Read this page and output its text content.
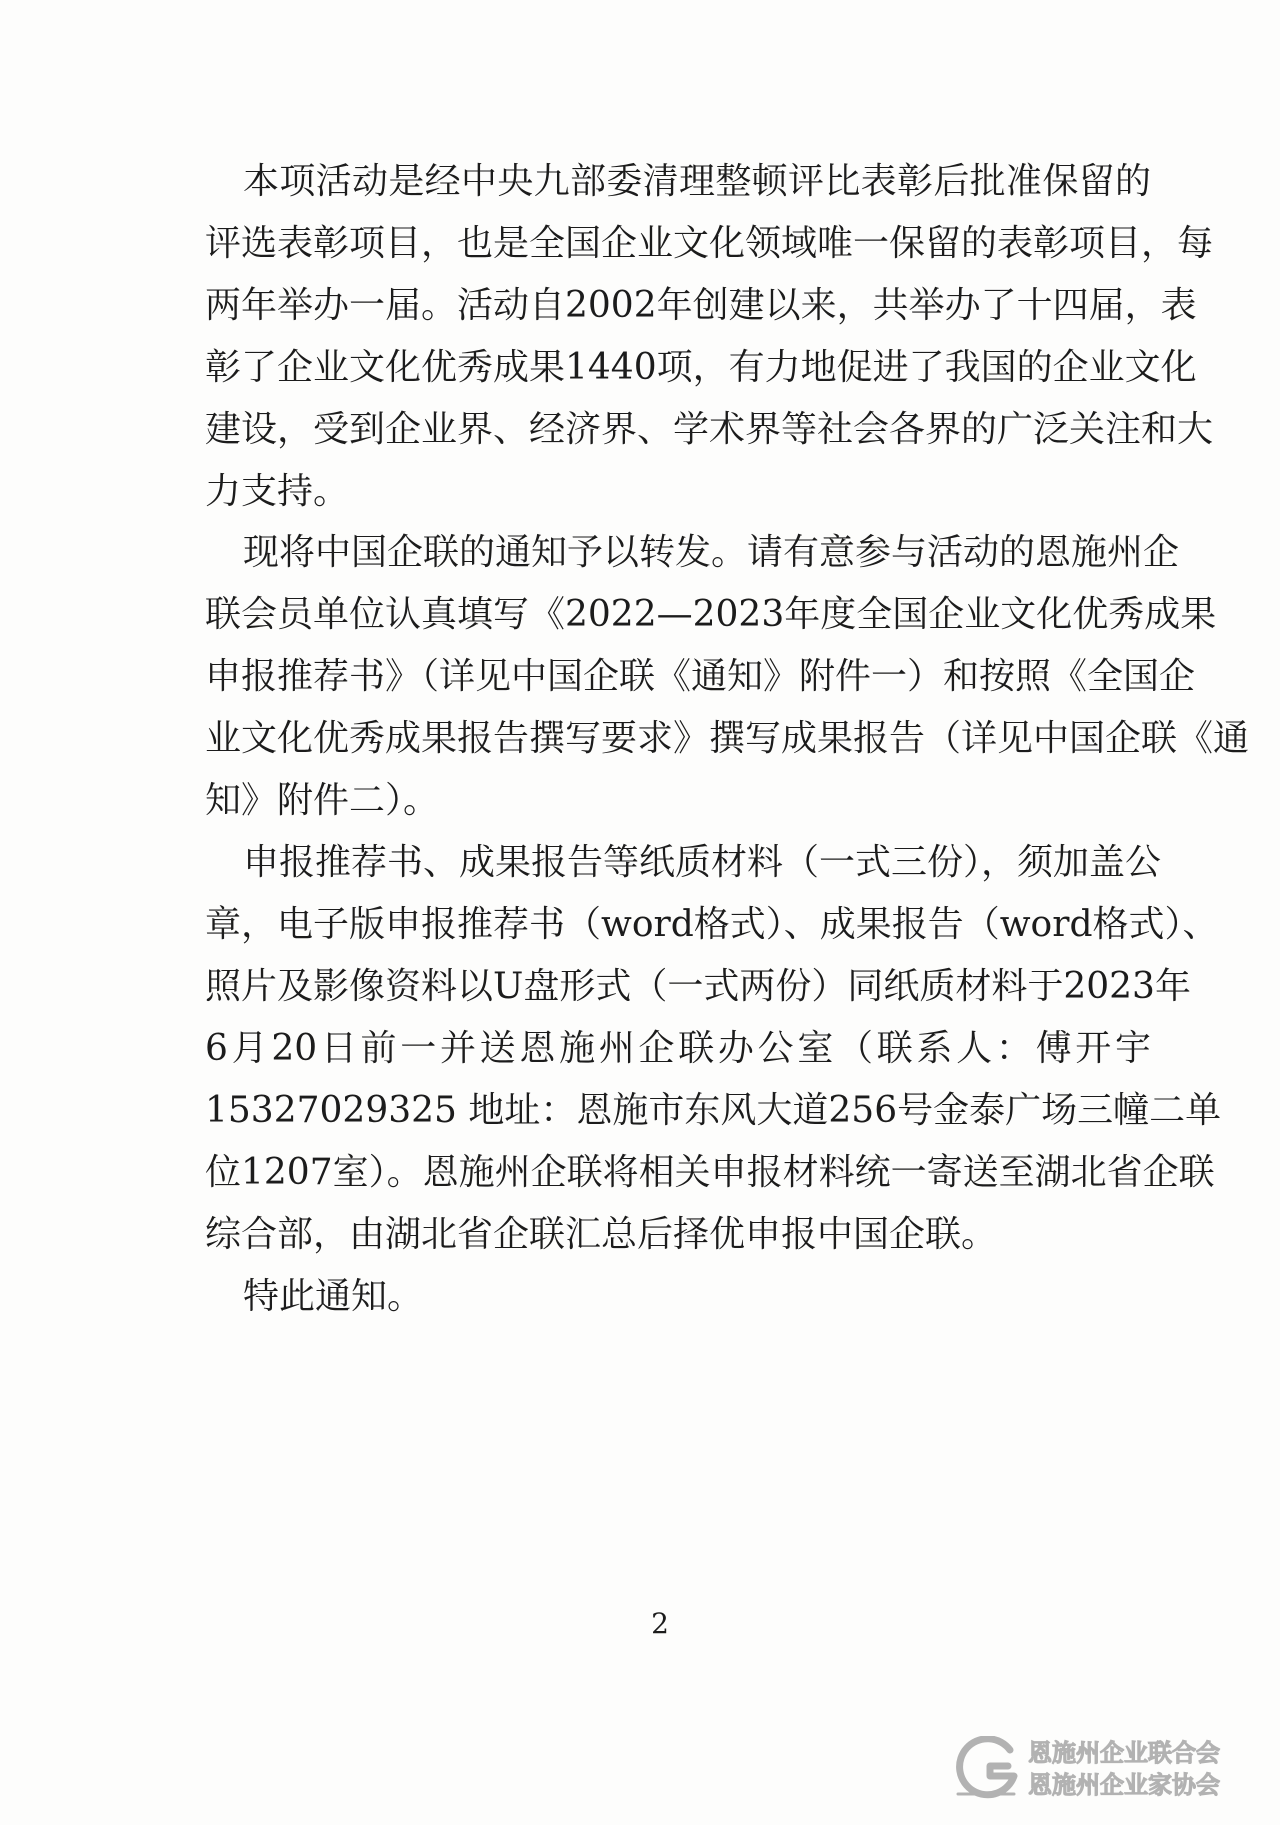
本项活动是经中央九部委清理整顿评比表彰后批准保留的
评选表彰项目，也是全国企业文化领域唯一保留的表彰项目，每
两年举办一届。活动自2002年创建以来，共举办了十四届，表
彰了企业文化优秀成果1440项，有力地促进了我国的企业文化
建设，受到企业界、经济界、学术界等社会各界的广泛关注和大
力支持。
现将中国企联的通知予以转发。请有意参与活动的恩施州企
联会员单位认真填写《2022—2023年度全国企业文化优秀成果
申报推荐书》（详见中国企联《通知》附件一）和按照《全国企
业文化优秀成果报告撰写要求》撰写成果报告（详见中国企联《通
知》附件二）。
申报推荐书、成果报告等纸质材料（一式三份），须加盖公
章，电子版申报推荐书（word格式）、成果报告（word格式）、
照片及影像资料以U盘形式（一式两份）同纸质材料于2023年
6月20日前一并送恩施州企联办公室（联系人：傅开宇
15327029325 地址：恩施市东风大道256号金泰广场三幢二单
位1207室）。恩施州企联将相关申报材料统一寄送至湖北省企联
综合部，由湖北省企联汇总后择优申报中国企联。
特此通知。
2
恩施州企业联合会
恩施州企业家协会
